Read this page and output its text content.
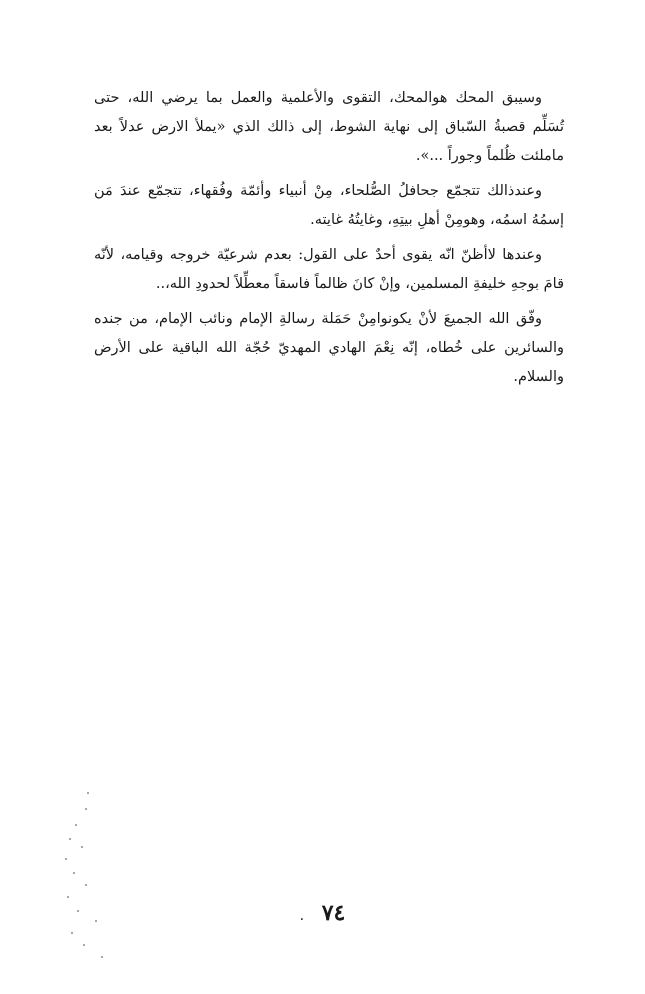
وسيبق المحك هوالمحك، التقوى والأعلمية والعمل بما يرضي الله، حتى تُسَلِّم قصبةُ السّباق إلى نهاية الشوط، إلى ذالك الذي «يملأ الارض عدلاً بعد ماملئت ظُلماً وجوراً ...».

وعندذالك تتجمّع جحافلُ الصُّلحاء، مِنْ أنبياء وأئمّة وفُقهاء، تتجمّع عندَ مَن إسمُهُ اسمُه، وهومِنْ أهلِ بيتِهِ، وغايتُهُ غايته.

وعندها لاأظنّ انّه يقوى أحدٌ على القول: بعدم شرعيّة خروجه وقيامه، لأنّه قامَ بوجهِ خليفةِ المسلمين، وإنْ كانَ ظالماً فاسقاً معطِّلاً لحدودِ الله،..

وفّق الله الجميعَ لأنْ يكونوامِنْ حَمَلة رسالةِ الإمام ونائب الإمام، من جنده والسائرين على خُطاه، إنّه نِعْمَ الهادي المهديّ حُجّة الله الباقية على الأرض والسلام.

٧٤ .
